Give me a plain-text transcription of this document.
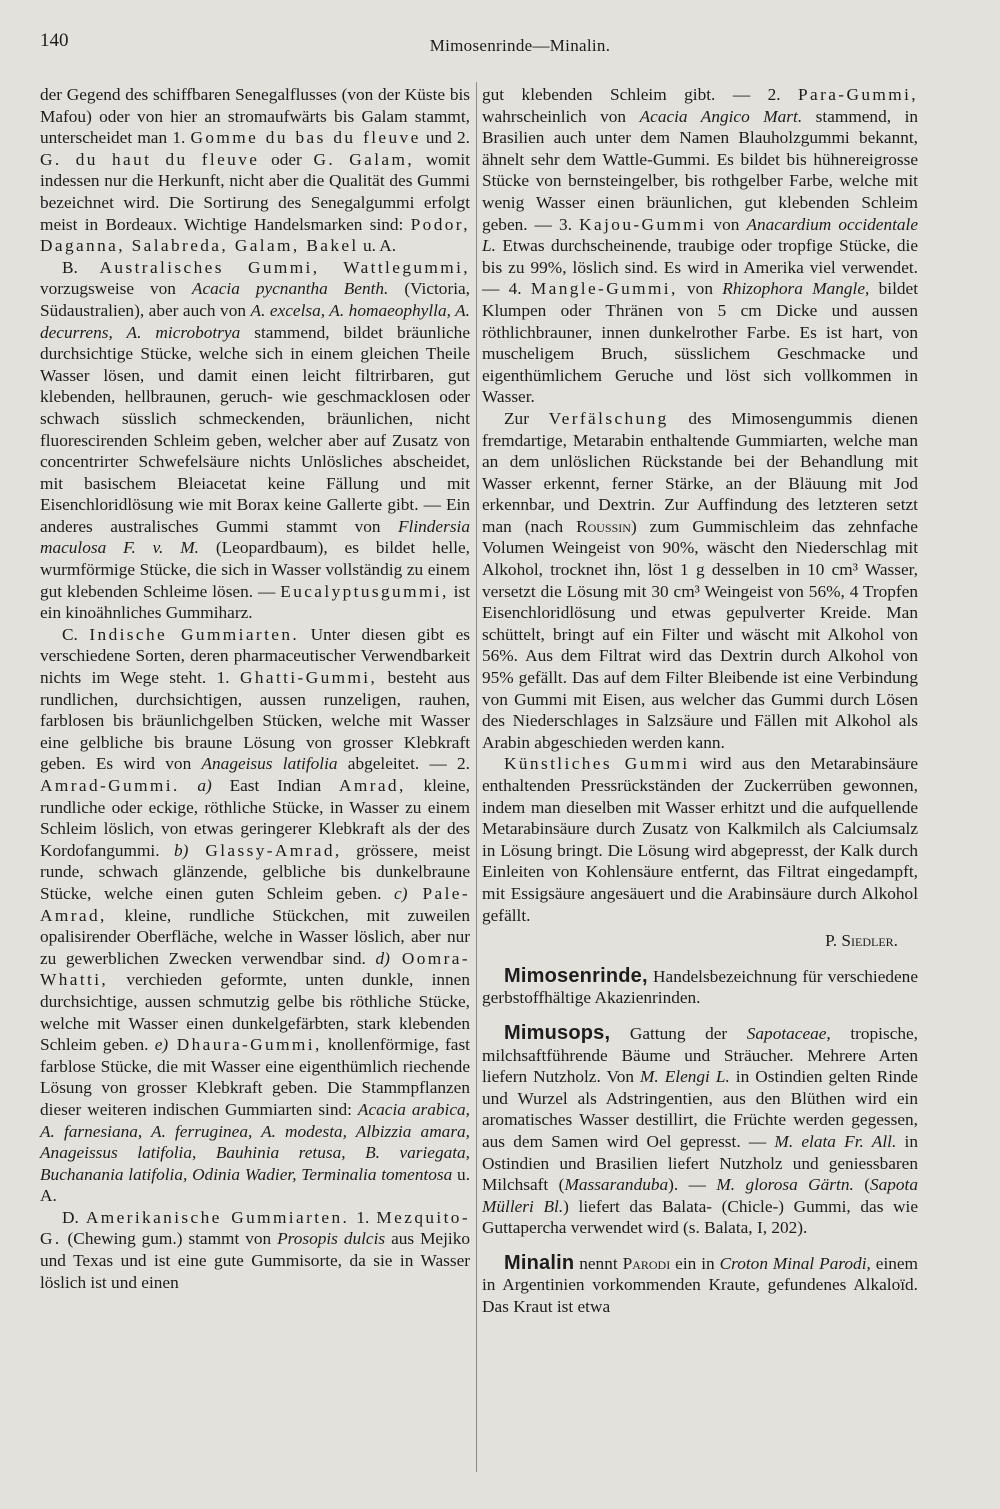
140	Mimosenrinde—Minalin.

der Gegend des schiffbaren Senegalflusses (von der Küste bis Mafou) oder von hier an stromaufwärts bis Galam stammt, unterscheidet man 1. Gomme du bas du fleuve und 2. G. du haut du fleuve oder G. Galam, womit indessen nur die Herkunft, nicht aber die Qualität des Gummi bezeichnet wird. Die Sortirung des Senegalgummi erfolgt meist in Bordeaux. Wichtige Handelsmarken sind: Podor, Daganna, Salabreda, Galam, Bakel u. A.

B. Australisches Gummi, Wattlegummi, vorzugsweise von Acacia pycnantha Benth. (Victoria, Südaustralien), aber auch von A. excelsa, A. homaeophylla, A. decurrens, A. microbotrya stammend, bildet bräunliche durchsichtige Stücke, welche sich in einem gleichen Theile Wasser lösen, und damit einen leicht filtrirbaren, gut klebenden, hellbraunen, geruch- wie geschmacklosen oder schwach süsslich schmeckenden, bräunlichen, nicht fluorescirenden Schleim geben, welcher aber auf Zusatz von concentrirter Schwefelsäure nichts Unlösliches abscheidet, mit basischem Bleiacetat keine Fällung und mit Eisenchloridlösung wie mit Borax keine Gallerte gibt. — Ein anderes australisches Gummi stammt von Flindersia maculosa F. v. M. (Leopardbaum), es bildet helle, wurmförmige Stücke, die sich in Wasser vollständig zu einem gut klebenden Schleime lösen. — Eucalyptusgummi, ist ein kinoähnliches Gummiharz.

C. Indische Gummiarten. Unter diesen gibt es verschiedene Sorten, deren pharmaceutischer Verwendbarkeit nichts im Wege steht. 1. Ghatti-Gummi, besteht aus rundlichen, durchsichtigen, aussen runzeligen, rauhen, farblosen bis bräunlichgelben Stücken, welche mit Wasser eine gelbliche bis braune Lösung von grosser Klebkraft geben. Es wird von Anageisus latifolia abgeleitet. — 2. Amrad-Gummi. a) East Indian Amrad, kleine, rundliche oder eckige, röthliche Stücke, in Wasser zu einem Schleim löslich, von etwas geringerer Klebkraft als der des Kordofangummi. b) Glassy-Amrad, grössere, meist runde, schwach glänzende, gelbliche bis dunkelbraune Stücke, welche einen guten Schleim geben. c) Pale-Amrad, kleine, rundliche Stückchen, mit zuweilen opalisirender Oberfläche, welche in Wasser löslich, aber nur zu gewerblichen Zwecken verwendbar sind. d) Oomra-Whatti, verchieden geformte, unten dunkle, innen durchsichtige, aussen schmutzig gelbe bis röthliche Stücke, welche mit Wasser einen dunkelgefärbten, stark klebenden Schleim geben. e) Dhaura-Gummi, knollenförmige, fast farblose Stücke, die mit Wasser eine eigenthümlich riechende Lösung von grosser Klebkraft geben. Die Stammpflanzen dieser weiteren indischen Gummiarten sind: Acacia arabica, A. farnesiana, A. ferruginea, A. modesta, Albizzia amara, Anageissus latifolia, Bauhinia retusa, B. variegata, Buchanania latifolia, Odinia Wadier, Terminalia tomentosa u. A.

D. Amerikanische Gummiarten. 1. Mezquito-G. (Chewing gum.) stammt von Prosopis dulcis aus Mejiko und Texas und ist eine gute Gummisorte, da sie in Wasser löslich ist und einen

gut klebenden Schleim gibt. — 2. Para-Gummi, wahrscheinlich von Acacia Angico Mart. stammend, in Brasilien auch unter dem Namen Blauholzgummi bekannt, ähnelt sehr dem Wattle-Gummi. Es bildet bis hühnereigrosse Stücke von bernsteingelber, bis rothgelber Farbe, welche mit wenig Wasser einen bräunlichen, gut klebenden Schleim geben. — 3. Kajou-Gummi von Anacardium occidentale L. Etwas durchscheinende, traubige oder tropfige Stücke, die bis zu 99%, löslich sind. Es wird in Amerika viel verwendet. — 4. Mangle-Gummi, von Rhizophora Mangle, bildet Klumpen oder Thränen von 5 cm Dicke und aussen röthlichbrauner, innen dunkelrother Farbe. Es ist hart, von muscheligem Bruch, süsslichem Geschmacke und eigenthümlichem Geruche und löst sich vollkommen in Wasser.

Zur Verfälschung des Mimosengummis dienen fremdartige, Metarabin enthaltende Gummiarten, welche man an dem unlöslichen Rückstande bei der Behandlung mit Wasser erkennt, ferner Stärke, an der Bläuung mit Jod erkennbar, und Dextrin. Zur Auffindung des letzteren setzt man (nach Roussin) zum Gummischleim das zehnfache Volumen Weingeist von 90%, wäscht den Niederschlag mit Alkohol, trocknet ihn, löst 1 g desselben in 10 cm³ Wasser, versetzt die Lösung mit 30 cm³ Weingeist von 56%, 4 Tropfen Eisenchloridlösung und etwas gepulverter Kreide. Man schüttelt, bringt auf ein Filter und wäscht mit Alkohol von 56%. Aus dem Filtrat wird das Dextrin durch Alkohol von 95% gefällt. Das auf dem Filter Bleibende ist eine Verbindung von Gummi mit Eisen, aus welcher das Gummi durch Lösen des Niederschlages in Salzsäure und Fällen mit Alkohol als Arabin abgeschieden werden kann.

Künstliches Gummi wird aus den Metarabinsäure enthaltenden Pressrückständen der Zuckerrüben gewonnen, indem man dieselben mit Wasser erhitzt und die aufquellende Metarabinsäure durch Zusatz von Kalkmilch als Calciumsalz in Lösung bringt. Die Lösung wird abgepresst, der Kalk durch Einleiten von Kohlensäure entfernt, das Filtrat eingedampft, mit Essigsäure angesäuert und die Arabinsäure durch Alkohol gefällt.

P. Siedler.

Mimosenrinde, Handelsbezeichnung für verschiedene gerbstoffhältige Akazienrinden.

Mimusops, Gattung der Sapotaceae, tropische, milchsaftführende Bäume und Sträucher. Mehrere Arten liefern Nutzholz. Von M. Elengi L. in Ostindien gelten Rinde und Wurzel als Adstringentien, aus den Blüthen wird ein aromatisches Wasser destillirt, die Früchte werden gegessen, aus dem Samen wird Oel gepresst. — M. elata Fr. All. in Ostindien und Brasilien liefert Nutzholz und geniessbaren Milchsaft (Massaranduba). — M. glorosa Gärtn. (Sapota Mülleri Bl.) liefert das Balata- (Chicle-) Gummi, das wie Guttapercha verwendet wird (s. Balata, I, 202).

Minalin nennt Parodi ein in Croton Minal Parodi, einem in Argentinien vorkommenden Kraute, gefundenes Alkaloïd. Das Kraut ist etwa
